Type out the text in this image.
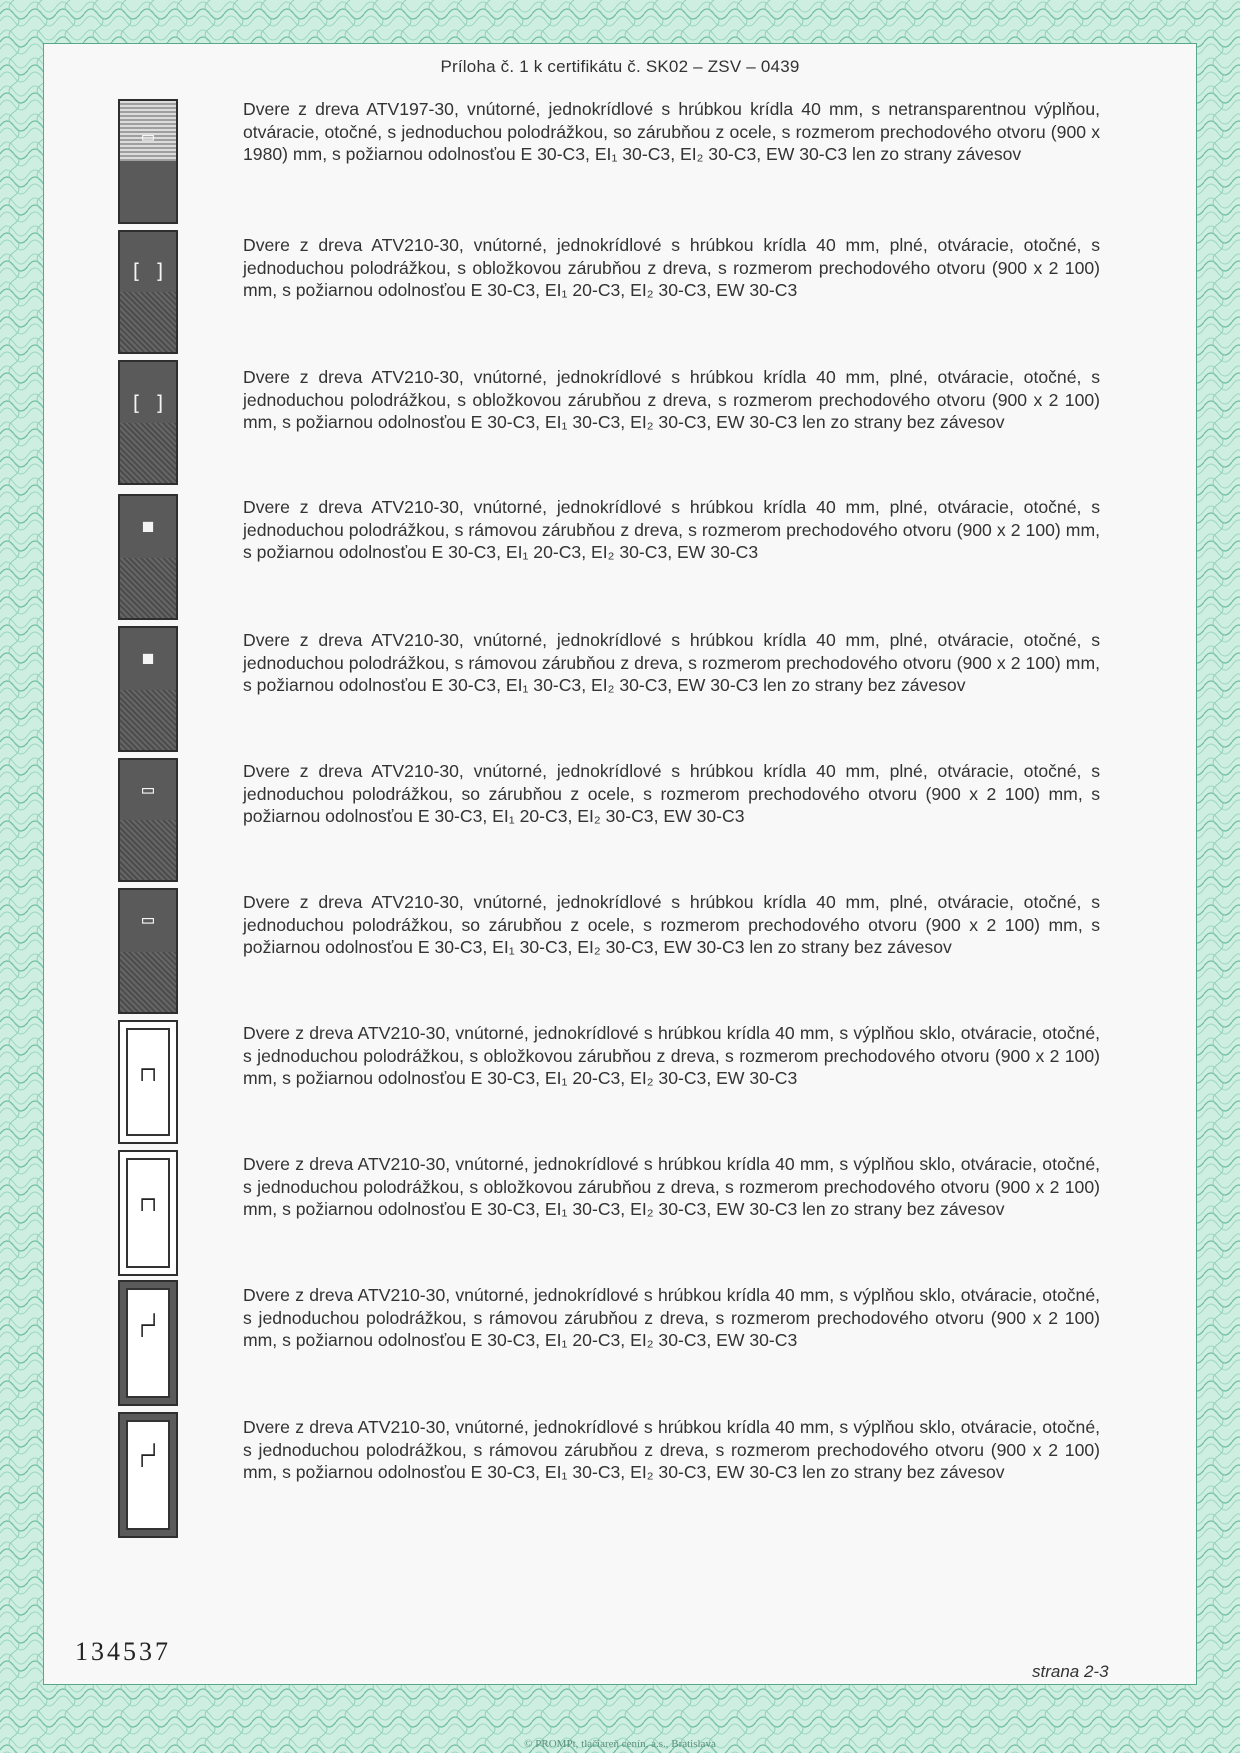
Príloha č. 1 k certifikátu č. SK02 – ZSV – 0439
▭
Dvere z dreva ATV197-30, vnútorné, jednokrídlové s hrúbkou krídla 40 mm, s netransparentnou výplňou, otváracie, otočné, s jednoduchou polodrážkou, so zárubňou z ocele, s rozmerom prechodového otvoru (900 x 1980) mm, s požiarnou odolnosťou E 30-C3, EI₁ 30-C3, EI₂ 30-C3, EW 30-C3 len zo strany závesov
[ ]
Dvere z dreva ATV210-30, vnútorné, jednokrídlové s hrúbkou krídla 40 mm, plné, otváracie, otočné, s jednoduchou polodrážkou, s obložkovou zárubňou z dreva, s rozmerom prechodového otvoru (900 x 2 100) mm, s požiarnou odolnosťou E 30-C3, EI₁ 20-C3, EI₂ 30-C3, EW 30-C3
[ ]
Dvere z dreva ATV210-30, vnútorné, jednokrídlové s hrúbkou krídla 40 mm, plné, otváracie, otočné, s jednoduchou polodrážkou, s obložkovou zárubňou z dreva, s rozmerom prechodového otvoru (900 x 2 100) mm, s požiarnou odolnosťou E 30-C3, EI₁ 30-C3, EI₂ 30-C3, EW 30-C3 len zo strany bez závesov
◼
Dvere z dreva ATV210-30, vnútorné, jednokrídlové s hrúbkou krídla 40 mm, plné, otváracie, otočné, s jednoduchou polodrážkou, s rámovou zárubňou z dreva, s rozmerom prechodového otvoru (900 x 2 100) mm, s požiarnou odolnosťou E 30-C3, EI₁ 20-C3, EI₂ 30-C3, EW 30-C3
◼
Dvere z dreva ATV210-30, vnútorné, jednokrídlové s hrúbkou krídla 40 mm, plné, otváracie, otočné, s jednoduchou polodrážkou, s rámovou zárubňou z dreva, s rozmerom prechodového otvoru (900 x 2 100) mm, s požiarnou odolnosťou E 30-C3, EI₁ 30-C3, EI₂ 30-C3, EW 30-C3 len zo strany bez závesov
▭
Dvere z dreva ATV210-30, vnútorné, jednokrídlové s hrúbkou krídla 40 mm, plné, otváracie, otočné, s jednoduchou polodrážkou, so zárubňou z ocele, s rozmerom prechodového otvoru (900 x 2 100) mm, s požiarnou odolnosťou E 30-C3, EI₁ 20-C3, EI₂ 30-C3, EW 30-C3
▭
Dvere z dreva ATV210-30, vnútorné, jednokrídlové s hrúbkou krídla 40 mm, plné, otváracie, otočné, s jednoduchou polodrážkou, so zárubňou z ocele, s rozmerom prechodového otvoru (900 x 2 100) mm, s požiarnou odolnosťou E 30-C3, EI₁ 30-C3, EI₂ 30-C3, EW 30-C3 len zo strany bez závesov
┌┐
Dvere z dreva ATV210-30, vnútorné, jednokrídlové s hrúbkou krídla 40 mm, s výplňou sklo, otváracie, otočné, s jednoduchou polodrážkou, s obložkovou zárubňou z dreva, s rozmerom prechodového otvoru (900 x 2 100) mm, s požiarnou odolnosťou E 30-C3, EI₁ 20-C3, EI₂ 30-C3, EW 30-C3
┌┐
Dvere z dreva ATV210-30, vnútorné, jednokrídlové s hrúbkou krídla 40 mm, s výplňou sklo, otváracie, otočné, s jednoduchou polodrážkou, s obložkovou zárubňou z dreva, s rozmerom prechodového otvoru (900 x 2 100) mm, s požiarnou odolnosťou E 30-C3, EI₁ 30-C3, EI₂ 30-C3, EW 30-C3 len zo strany bez závesov
┌┘
Dvere z dreva ATV210-30, vnútorné, jednokrídlové s hrúbkou krídla 40 mm, s výplňou sklo, otváracie, otočné, s jednoduchou polodrážkou, s rámovou zárubňou z dreva, s rozmerom prechodového otvoru (900 x 2 100) mm, s požiarnou odolnosťou E 30-C3, EI₁ 20-C3, EI₂ 30-C3, EW 30-C3
┌┘
Dvere z dreva ATV210-30, vnútorné, jednokrídlové s hrúbkou krídla 40 mm, s výplňou sklo, otváracie, otočné, s jednoduchou polodrážkou, s rámovou zárubňou z dreva, s rozmerom prechodového otvoru (900 x 2 100) mm, s požiarnou odolnosťou E 30-C3, EI₁ 30-C3, EI₂ 30-C3, EW 30-C3 len zo strany bez závesov
134537
strana 2-3
© PROMPt, tlačiareň cenín, a.s., Bratislava
